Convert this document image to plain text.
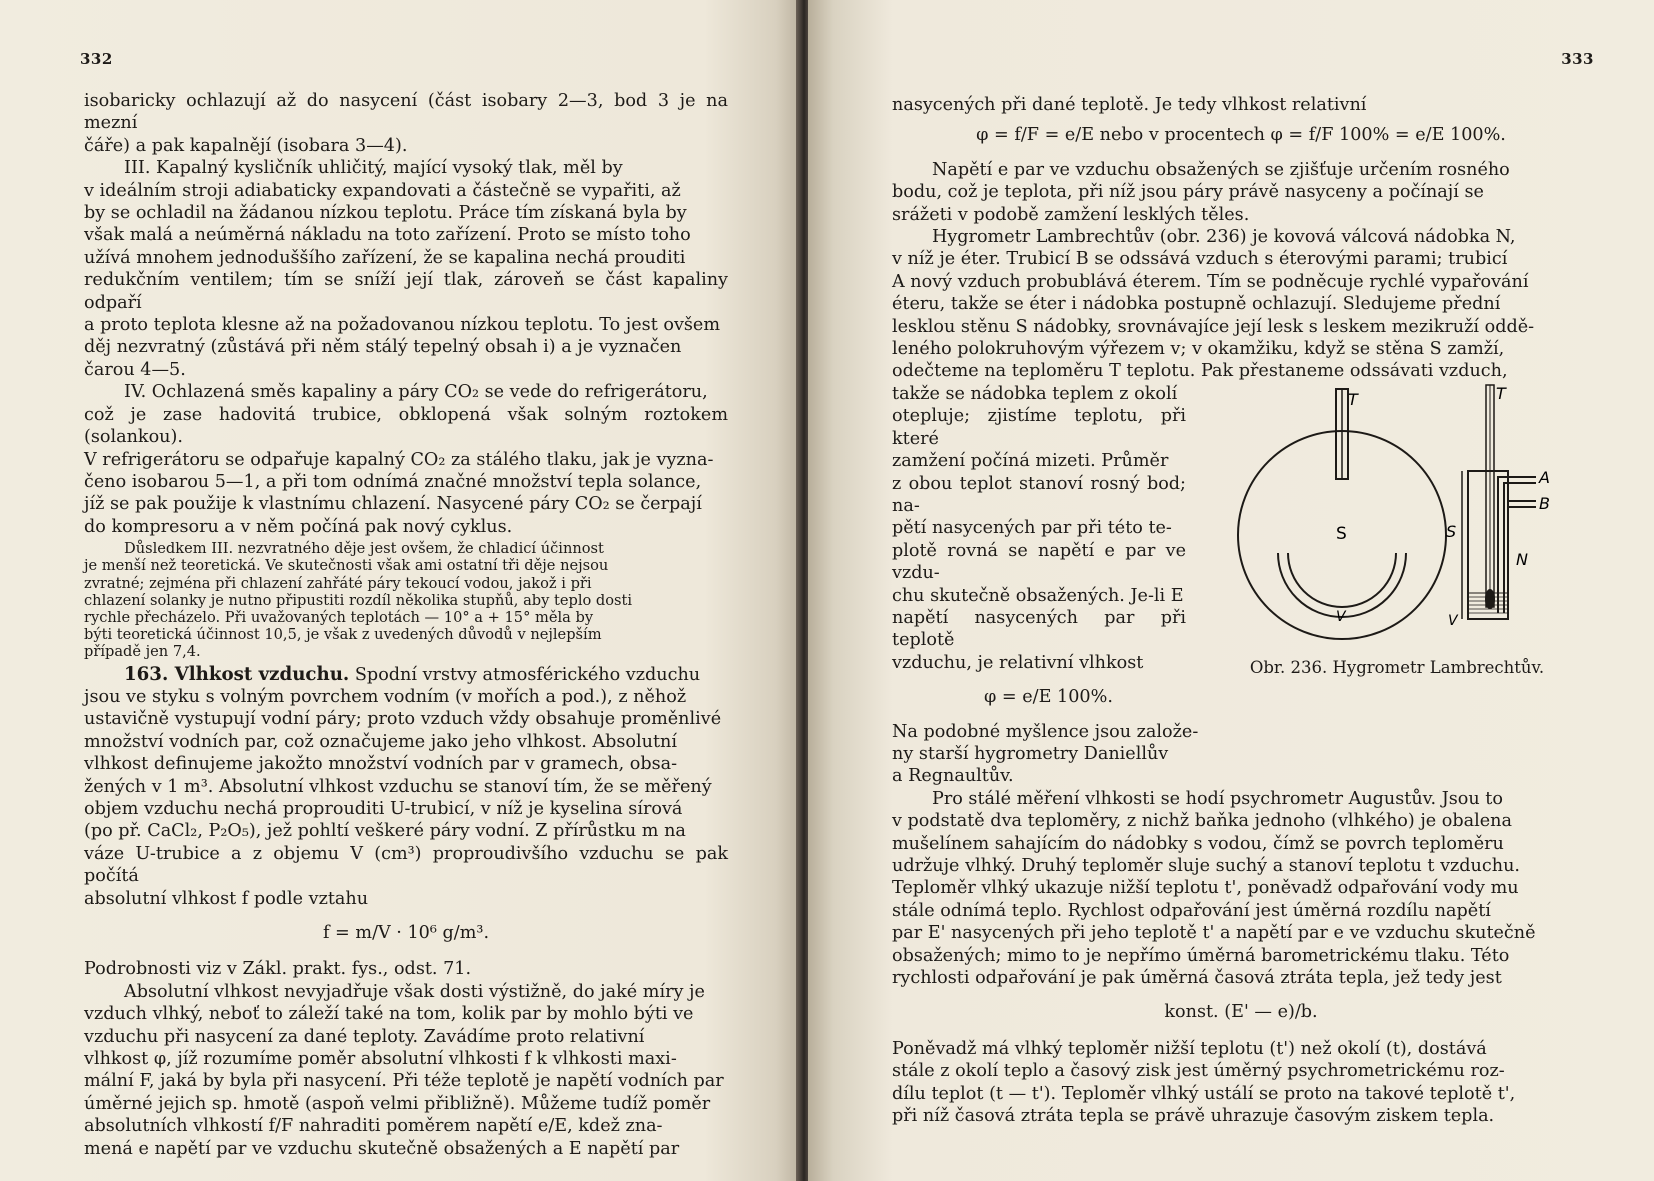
332

isobaricky ochlazují až do nasycení (část isobary 2—3, bod 3 je na mezní

čáře) a pak kapalnějí (isobara 3—4).

III. Kapalný kysličník uhličitý, mající vysoký tlak, měl by

v ideálním stroji adiabaticky expandovati a částečně se vypařiti, až

by se ochladil na žádanou nízkou teplotu. Práce tím získaná byla by

však malá a neúměrná nákladu na toto zařízení. Proto se místo toho

užívá mnohem jednoduššího zařízení, že se kapalina nechá prouditi

redukčním ventilem; tím se sníží její tlak, zároveň se část kapaliny odpaří

a proto teplota klesne až na požadovanou nízkou teplotu. To jest ovšem

děj nezvratný (zůstává při něm stálý tepelný obsah i) a je vyznačen

čarou 4—5.

IV. Ochlazená směs kapaliny a páry CO₂ se vede do refrigerátoru,

což je zase hadovitá trubice, obklopená však solným roztokem (solankou).

V refrigerátoru se odpařuje kapalný CO₂ za stálého tlaku, jak je vyzna-

čeno isobarou 5—1, a při tom odnímá značné množství tepla solance,

jíž se pak použije k vlastnímu chlazení. Nasycené páry CO₂ se čerpají

do kompresoru a v něm počíná pak nový cyklus.

Důsledkem III. nezvratného děje jest ovšem, že chladicí účinnost

je menší než teoretická. Ve skutečnosti však ami ostatní tři děje nejsou

zvratné; zejména při chlazení zahřáté páry tekoucí vodou, jakož i při

chlazení solanky je nutno připustiti rozdíl několika stupňů, aby teplo dosti

rychle přecházelo. Při uvažovaných teplotách — 10° a + 15° měla by

býti teoretická účinnost 10,5, je však z uvedených důvodů v nejlepším

případě jen 7,4.

163. Vlhkost vzduchu. Spodní vrstvy atmosférického vzduchu

jsou ve styku s volným povrchem vodním (v mořích a pod.), z něhož

ustavičně vystupují vodní páry; proto vzduch vždy obsahuje proměnlivé

množství vodních par, což označujeme jako jeho vlhkost. Absolutní

vlhkost definujeme jakožto množství vodních par v gramech, obsa-

žených v 1 m³. Absolutní vlhkost vzduchu se stanoví tím, že se měřený

objem vzduchu nechá proprouditi U-trubicí, v níž je kyselina sírová

(po př. CaCl₂, P₂O₅), jež pohltí veškeré páry vodní. Z přírůstku m na

váze U-trubice a z objemu V (cm³) proproudivšího vzduchu se pak počítá

absolutní vlhkost f podle vztahu

f = m/V · 10⁶ g/m³.

Podrobnosti viz v Zákl. prakt. fys., odst. 71.

Absolutní vlhkost nevyjadřuje však dosti výstižně, do jaké míry je

vzduch vlhký, neboť to záleží také na tom, kolik par by mohlo býti ve

vzduchu při nasycení za dané teploty. Zavádíme proto relativní

vlhkost φ, jíž rozumíme poměr absolutní vlhkosti f k vlhkosti maxi-

mální F, jaká by byla při nasycení. Při téže teplotě je napětí vodních par

úměrné jejich sp. hmotě (aspoň velmi přibližně). Můžeme tudíž poměr

absolutních vlhkostí f/F nahraditi poměrem napětí e/E, kdež zna-

mená e napětí par ve vzduchu skutečně obsažených a E napětí par

333

nasycených při dané teplotě. Je tedy vlhkost relativní

φ = f/F = e/E nebo v procentech φ = f/F 100% = e/E 100%.

Napětí e par ve vzduchu obsažených se zjišťuje určením rosného

bodu, což je teplota, při níž jsou páry právě nasyceny a počínají se

srážeti v podobě zamžení lesklých těles.

Hygrometr Lambrechtův (obr. 236) je kovová válcová nádobka N,

v níž je éter. Trubicí B se odssává vzduch s éterovými parami; trubicí

A nový vzduch probublává éterem. Tím se podněcuje rychlé vypařování

éteru, takže se éter i nádobka postupně ochlazují. Sledujeme přední

lesklou stěnu S nádobky, srovnávajíce její lesk s leskem mezikruží oddě-

leného polokruhovým výřezem v; v okamžiku, když se stěna S zamží,

odečteme na teploměru T teplotu. Pak přestaneme odssávati vzduch,

T
S
V
T
A
B
S
N
V
Obr. 236. Hygrometr Lambrechtův.

takže se nádobka teplem z okolí

otepluje; zjistíme teplotu, při které

zamžení počíná mizeti. Průměr

z obou teplot stanoví rosný bod; na-

pětí nasycených par při této te-

plotě rovná se napětí e par ve vzdu-

chu skutečně obsažených. Je-li E

napětí nasycených par při teplotě

vzduchu, je relativní vlhkost

φ = e/E 100%.

Na podobné myšlence jsou založe-

ny starší hygrometry Daniellův

a Regnaultův.

Pro stálé měření vlhkosti se hodí psychrometr Augustův. Jsou to

v podstatě dva teploměry, z nichž baňka jednoho (vlhkého) je obalena

mušelínem sahajícím do nádobky s vodou, čímž se povrch teploměru

udržuje vlhký. Druhý teploměr sluje suchý a stanoví teplotu t vzduchu.

Teploměr vlhký ukazuje nižší teplotu t', poněvadž odpařování vody mu

stále odnímá teplo. Rychlost odpařování jest úměrná rozdílu napětí

par E' nasycených při jeho teplotě t' a napětí par e ve vzduchu skutečně

obsažených; mimo to je nepřímo úměrná barometrickému tlaku. Této

rychlosti odpařování je pak úměrná časová ztráta tepla, jež tedy jest

konst. (E' — e)/b.

Poněvadž má vlhký teploměr nižší teplotu (t') než okolí (t), dostává

stále z okolí teplo a časový zisk jest úměrný psychrometrickému roz-

dílu teplot (t — t'). Teploměr vlhký ustálí se proto na takové teplotě t',

při níž časová ztráta tepla se právě uhrazuje časovým ziskem tepla.
